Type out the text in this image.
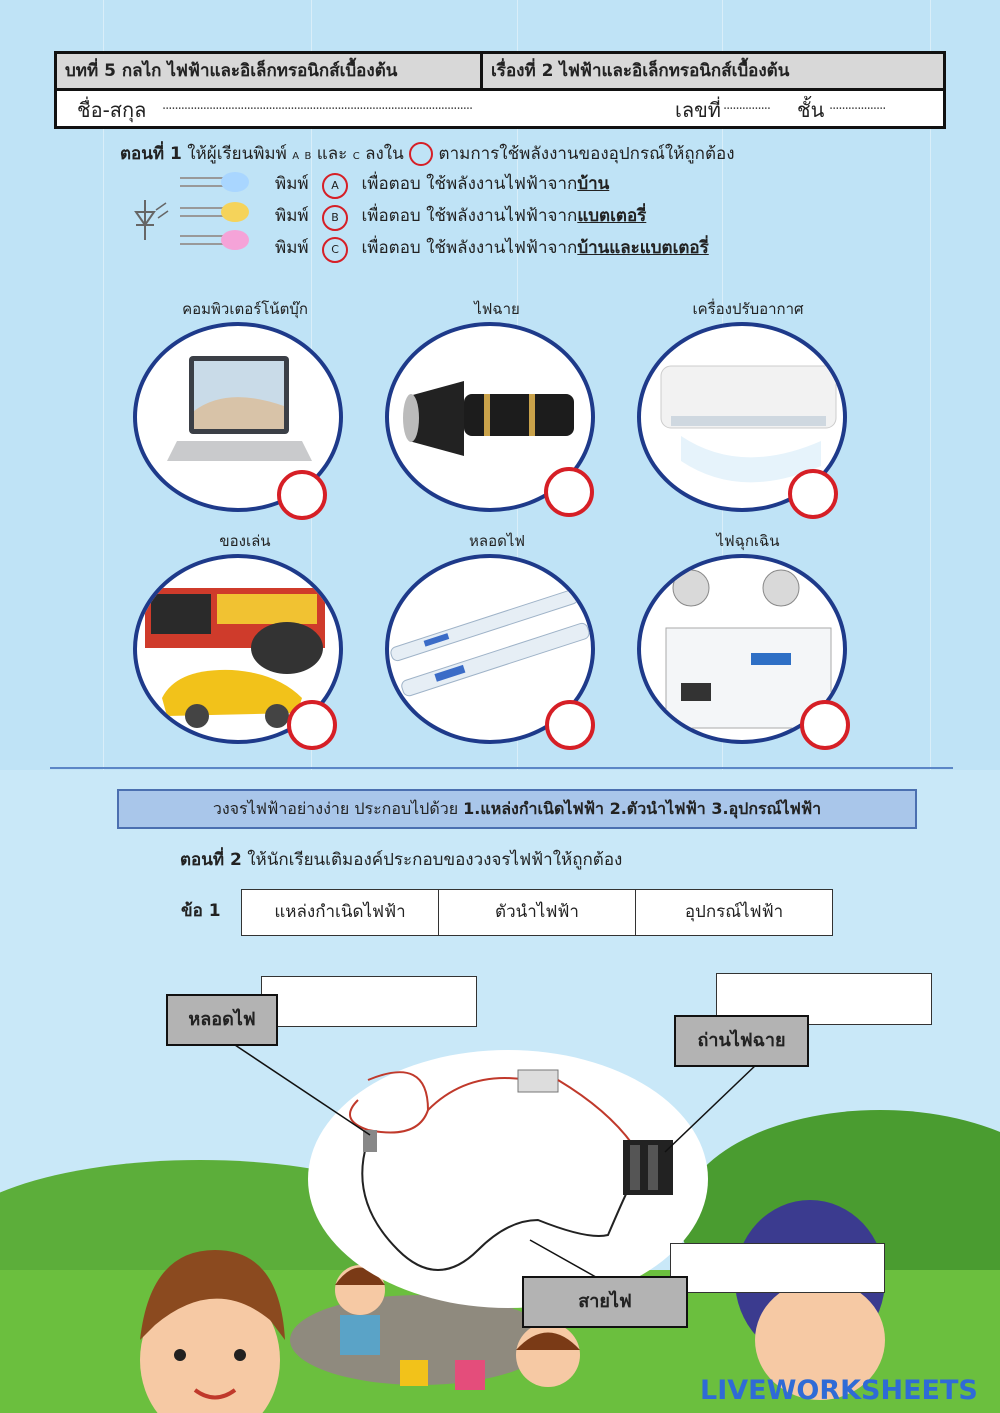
บทที่ 5 กลไก ไฟฟ้าและอิเล็กทรอนิกส์เบื้องต้น	เรื่องที่ 2 ไฟฟ้าและอิเล็กทรอนิกส์เบื้องต้น
ชื่อ-สกุล ...................................................................................................	เลขที่ ............... ชั้น ..................
ตอนที่ 1 ให้ผู้เรียนพิมพ์ A B และ C ลงใน ตามการใช้พลังงานของอุปกรณ์ให้ถูกต้อง
พิมพ์ A เพื่อตอบ ใช้พลังงานไฟฟ้าจากบ้าน
พิมพ์ B เพื่อตอบ ใช้พลังงานไฟฟ้าจากแบตเตอรี่
พิมพ์ C เพื่อตอบ ใช้พลังงานไฟฟ้าจากบ้านและแบตเตอรี่
คอมพิวเตอร์โน้ตบุ๊ก	ไฟฉาย	เครื่องปรับอากาศ
ของเล่น	หลอดไฟ	ไฟฉุกเฉิน
วงจรไฟฟ้าอย่างง่าย ประกอบไปด้วย 1.แหล่งกำเนิดไฟฟ้า 2.ตัวนำไฟฟ้า 3.อุปกรณ์ไฟฟ้า
ตอนที่ 2 ให้นักเรียนเติมองค์ประกอบของวงจรไฟฟ้าให้ถูกต้อง
ข้อ 1	แหล่งกำเนิดไฟฟ้า	ตัวนำไฟฟ้า	อุปกรณ์ไฟฟ้า
หลอดไฟ
ถ่านไฟฉาย
สายไฟ
LIVEWORKSHEETS
